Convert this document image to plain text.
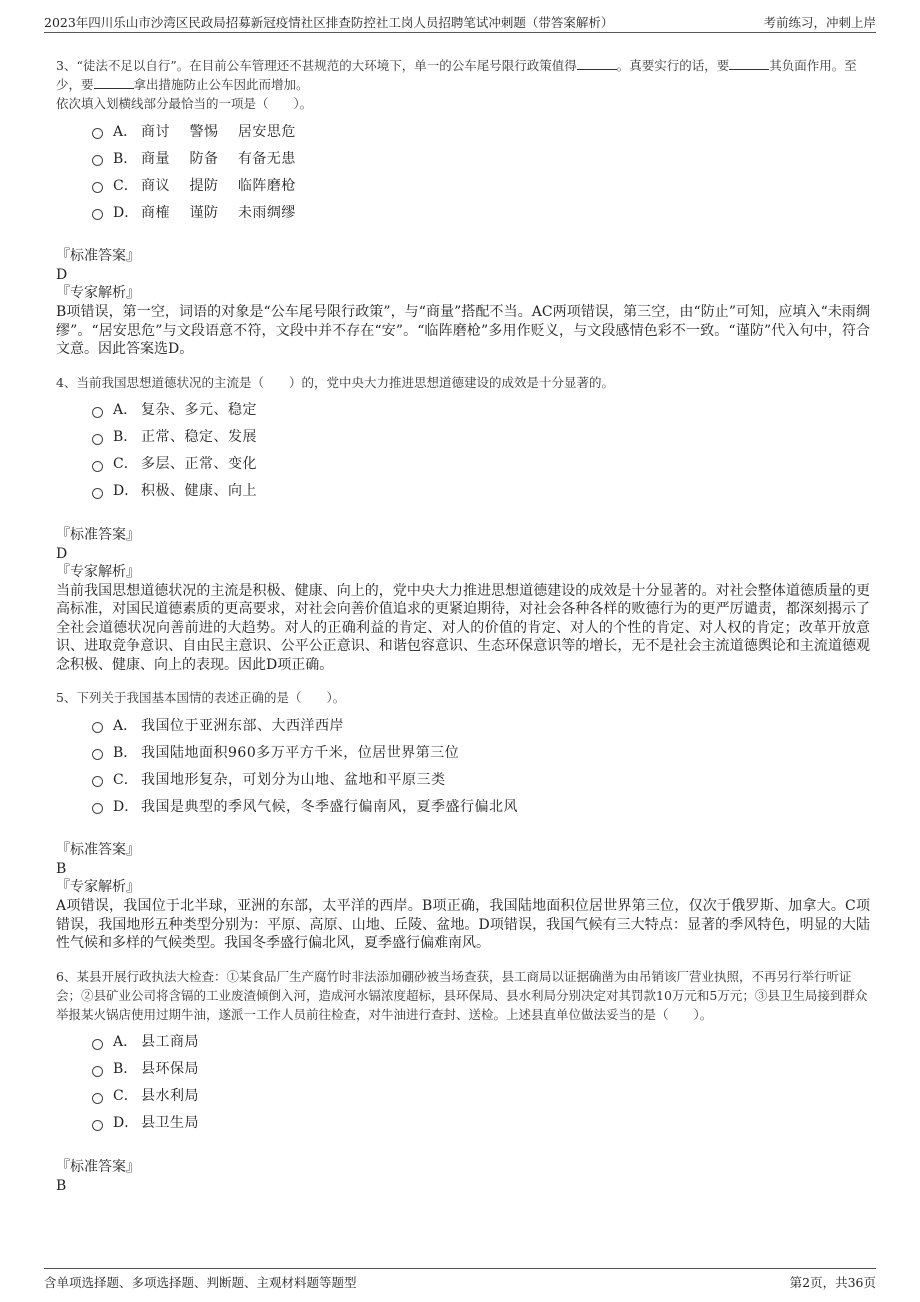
2023年四川乐山市沙湾区民政局招募新冠疫情社区排查防控社工岗人员招聘笔试冲刺题（带答案解析）	考前练习，冲刺上岸
3、“徒法不足以自行”。在目前公车管理还不甚规范的大环境下，单一的公车尾号限行政策值得	。真要实行的话，要	其负面作用。至少，要	拿出措施防止公车因此而增加。
依次填入划横线部分最恰当的一项是（　　）。
A． 商讨　 警惕　 居安思危
B． 商量　 防备　 有备无患
C． 商议　 提防　 临阵磨枪
D． 商榷　 谨防　 未雨绸缪
『标准答案』
D
『专家解析』
B项错误，第一空，词语的对象是“公车尾号限行政策”，与“商量”搭配不当。AC两项错误，第三空，由“防止”可知，应填入“未雨绸缪”。“居安思危”与文段语意不符，文段中并不存在“安”。“临阵磨枪”多用作贬义，与文段感情色彩不一致。“谨防”代入句中，符合文意。因此答案选D。
4、当前我国思想道德状况的主流是（　　）的，党中央大力推进思想道德建设的成效是十分显著的。
A． 复杂、多元、稳定
B． 正常、稳定、发展
C． 多层、正常、变化
D． 积极、健康、向上
『标准答案』
D
『专家解析』
当前我国思想道德状况的主流是积极、健康、向上的，党中央大力推进思想道德建设的成效是十分显著的。对社会整体道德质量的更高标准，对国民道德素质的更高要求，对社会向善价值追求的更紧迫期待，对社会各种各样的败德行为的更严厉谴责，都深刻揭示了全社会道德状况向善前进的大趋势。对人的正确利益的肯定、对人的价值的肯定、对人的个性的肯定、对人权的肯定；改革开放意识、进取竞争意识、自由民主意识、公平公正意识、和谐包容意识、生态环保意识等的增长，无不是社会主流道德舆论和主流道德观念积极、健康、向上的表现。因此D项正确。
5、下列关于我国基本国情的表述正确的是（　　）。
A． 我国位于亚洲东部、大西洋西岸
B． 我国陆地面积960多万平方千米，位居世界第三位
C． 我国地形复杂，可划分为山地、盆地和平原三类
D． 我国是典型的季风气候，冬季盛行偏南风，夏季盛行偏北风
『标准答案』
B
『专家解析』
A项错误，我国位于北半球，亚洲的东部，太平洋的西岸。B项正确，我国陆地面积位居世界第三位，仅次于俄罗斯、加拿大。C项错误，我国地形五种类型分别为：平原、高原、山地、丘陵、盆地。D项错误，我国气候有三大特点：显著的季风特色，明显的大陆性气候和多样的气候类型。我国冬季盛行偏北风，夏季盛行偏难南风。
6、某县开展行政执法大检查：①某食品厂生产腐竹时非法添加硼砂被当场查获，县工商局以证据确凿为由吊销该厂营业执照，不再另行举行听证会；②县矿业公司将含镉的工业废渣倾倒入河，造成河水镉浓度超标，县环保局、县水利局分别决定对其罚款10万元和5万元；③县卫生局接到群众举报某火锅店使用过期牛油，遂派一工作人员前往检查，对牛油进行查封、送检。上述县直单位做法妥当的是（　　）。
A． 县工商局
B． 县环保局
C． 县水利局
D． 县卫生局
『标准答案』
B
含单项选择题、多项选择题、判断题、主观材料题等题型	第2页，共36页
